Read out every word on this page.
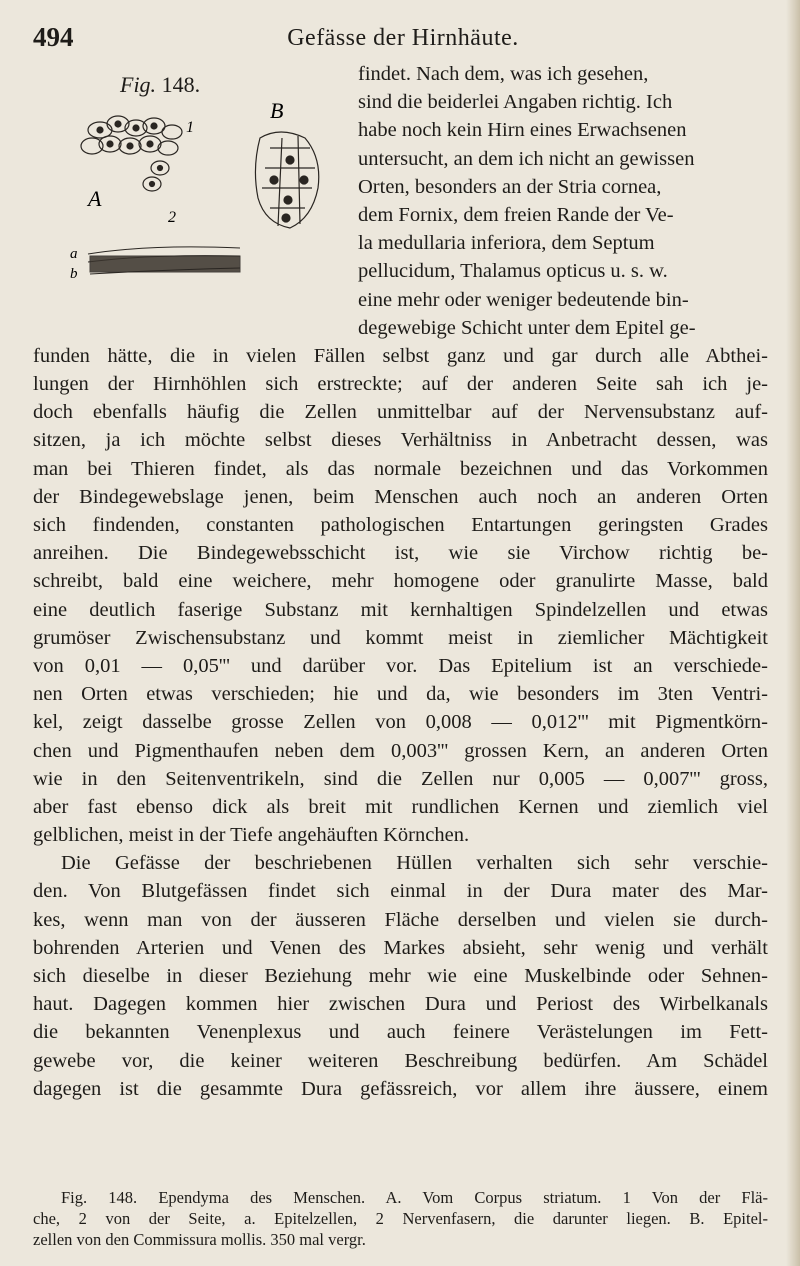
494	Gefässe der Hirnhäute.
Fig. 148.
1
A
2
a
b
B
findet. Nach dem, was ich gesehen,
sind die beiderlei Angaben richtig. Ich
habe noch kein Hirn eines Erwachsenen
untersucht, an dem ich nicht an gewissen
Orten, besonders an der Stria cornea,
dem Fornix, dem freien Rande der Ve-
la medullaria inferiora, dem Septum
pellucidum, Thalamus opticus u. s. w.
eine mehr oder weniger bedeutende bin-
degewebige Schicht unter dem Epitel ge-
funden hätte, die in vielen Fällen selbst ganz und gar durch alle Abthei-
lungen der Hirnhöhlen sich erstreckte; auf der anderen Seite sah ich je-
doch ebenfalls häufig die Zellen unmittelbar auf der Nervensubstanz auf-
sitzen, ja ich möchte selbst dieses Verhältniss in Anbetracht dessen, was
man bei Thieren findet, als das normale bezeichnen und das Vorkommen
der Bindegewebslage jenen, beim Menschen auch noch an anderen Orten
sich findenden, constanten pathologischen Entartungen geringsten Grades
anreihen. Die Bindegewebsschicht ist, wie sie Virchow richtig be-
schreibt, bald eine weichere, mehr homogene oder granulirte Masse, bald
eine deutlich faserige Substanz mit kernhaltigen Spindelzellen und etwas
grumöser Zwischensubstanz und kommt meist in ziemlicher Mächtigkeit
von 0,01 — 0,05''' und darüber vor. Das Epitelium ist an verschiede-
nen Orten etwas verschieden; hie und da, wie besonders im 3ten Ventri-
kel, zeigt dasselbe grosse Zellen von 0,008 — 0,012''' mit Pigmentkörn-
chen und Pigmenthaufen neben dem 0,003''' grossen Kern, an anderen Orten
wie in den Seitenventrikeln, sind die Zellen nur 0,005 — 0,007''' gross,
aber fast ebenso dick als breit mit rundlichen Kernen und ziemlich viel
gelblichen, meist in der Tiefe angehäuften Körnchen.
Die Gefässe der beschriebenen Hüllen verhalten sich sehr verschie-
den. Von Blutgefässen findet sich einmal in der Dura mater des Mar-
kes, wenn man von der äusseren Fläche derselben und vielen sie durch-
bohrenden Arterien und Venen des Markes absieht, sehr wenig und verhält
sich dieselbe in dieser Beziehung mehr wie eine Muskelbinde oder Sehnen-
haut. Dagegen kommen hier zwischen Dura und Periost des Wirbelkanals
die bekannten Venenplexus und auch feinere Verästelungen im Fett-
gewebe vor, die keiner weiteren Beschreibung bedürfen. Am Schädel
dagegen ist die gesammte Dura gefässreich, vor allem ihre äussere, einem
Fig. 148. Ependyma des Menschen. A. Vom Corpus striatum. 1 Von der Flä-
che, 2 von der Seite, a. Epitelzellen, 2 Nervenfasern, die darunter liegen. B. Epitel-
zellen von den Commissura mollis. 350 mal vergr.
